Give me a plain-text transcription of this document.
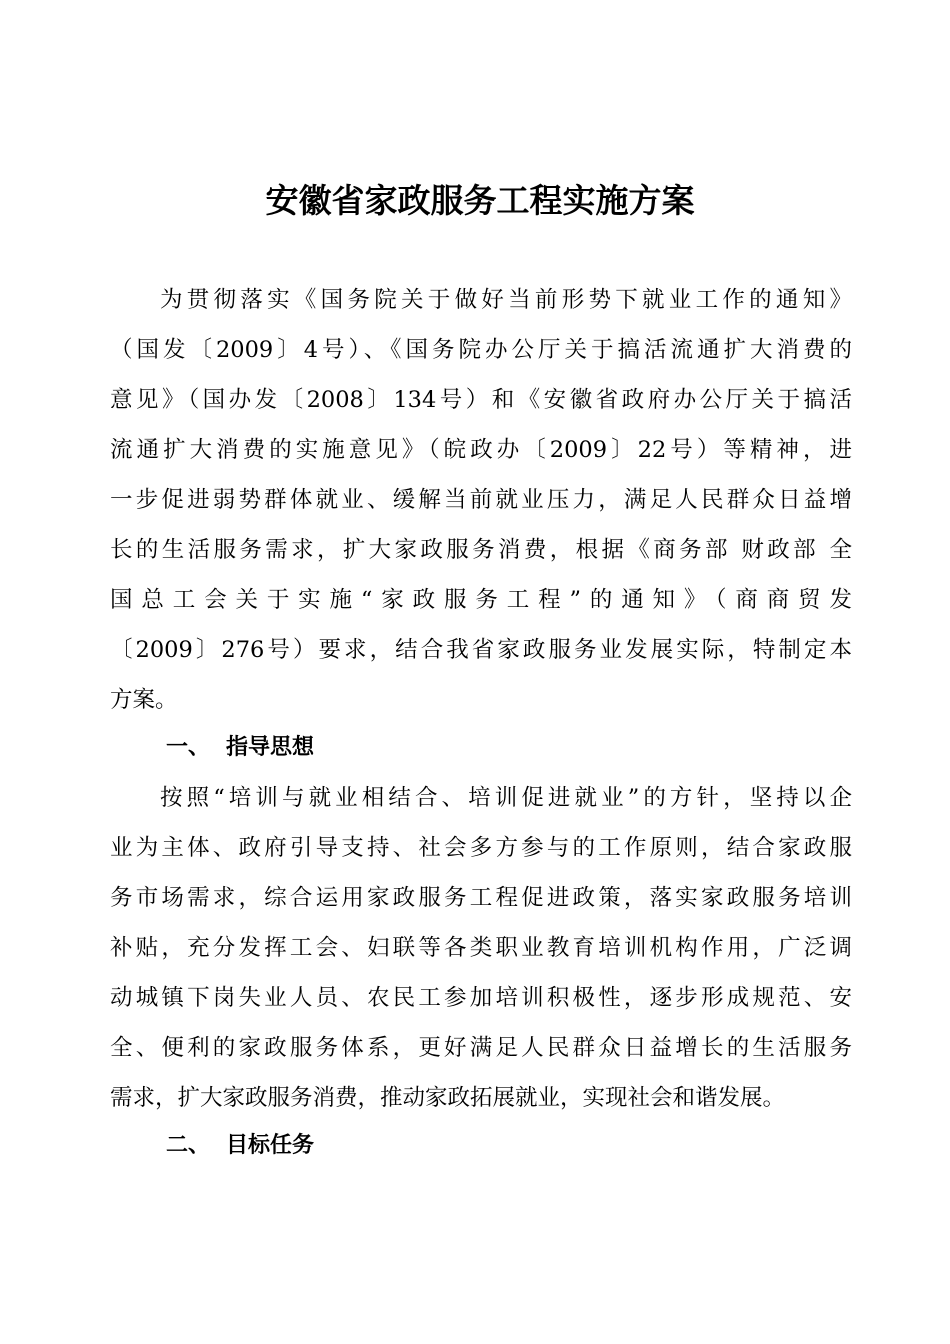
安徽省家政服务工程实施方案

为贯彻落实《国务院关于做好当前形势下就业工作的通知》

（国发〔2009〕4号）、《国务院办公厅关于搞活流通扩大消费的

意见》（国办发〔2008〕134号）和《安徽省政府办公厅关于搞活

流通扩大消费的实施意见》（皖政办〔2009〕22号）等精神，进

一步促进弱势群体就业、缓解当前就业压力，满足人民群众日益增

长的生活服务需求，扩大家政服务消费，根据《商务部 财政部 全

国总工会关于实施“家政服务工程”的通知》（商商贸发

〔2009〕276号）要求，结合我省家政服务业发展实际，特制定本

方案。

一、 指导思想

按照“培训与就业相结合、培训促进就业”的方针，坚持以企

业为主体、政府引导支持、社会多方参与的工作原则，结合家政服

务市场需求，综合运用家政服务工程促进政策，落实家政服务培训

补贴，充分发挥工会、妇联等各类职业教育培训机构作用，广泛调

动城镇下岗失业人员、农民工参加培训积极性，逐步形成规范、安

全、便利的家政服务体系，更好满足人民群众日益增长的生活服务

需求，扩大家政服务消费，推动家政拓展就业，实现社会和谐发展。

二、 目标任务
